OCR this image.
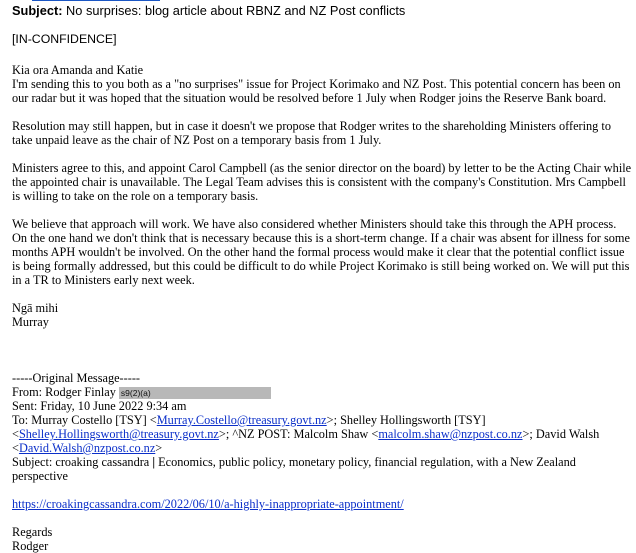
Subject: No surprises: blog article about RBNZ and NZ Post conflicts
[IN-CONFIDENCE]
Kia ora Amanda and Katie

I'm sending this to you both as a "no surprises" issue for Project Korimako and NZ Post. This potential concern has been on our radar but it was hoped that the situation would be resolved before 1 July when Rodger joins the Reserve Bank board.

Resolution may still happen, but in case it doesn't we propose that Rodger writes to the shareholding Ministers offering to take unpaid leave as the chair of NZ Post on a temporary basis from 1 July.

Ministers agree to this, and appoint Carol Campbell (as the senior director on the board) by letter to be the Acting Chair while the appointed chair is unavailable. The Legal Team advises this is consistent with the company's Constitution. Mrs Campbell is willing to take on the role on a temporary basis.

We believe that approach will work. We have also considered whether Ministers should take this through the APH process. On the one hand we don't think that is necessary because this is a short-term change. If a chair was absent for illness for some months APH wouldn't be involved. On the other hand the formal process would make it clear that the potential conflict issue is being formally addressed, but this could be difficult to do while Project Korimako is still being worked on. We will put this in a TR to Ministers early next week.

Ngā mihi
Murray
-----Original Message-----
From: Rodger Finlay s9(2)(a)
Sent: Friday, 10 June 2022 9:34 am
To: Murray Costello [TSY] <Murray.Costello@treasury.govt.nz>; Shelley Hollingsworth [TSY]
<Shelley.Hollingsworth@treasury.govt.nz>; ^NZ POST: Malcolm Shaw <malcolm.shaw@nzpost.co.nz>; David Walsh
<David.Walsh@nzpost.co.nz>
Subject: croaking cassandra | Economics, public policy, monetary policy, financial regulation, with a New Zealand perspective
https://croakingcassandra.com/2022/06/10/a-highly-inappropriate-appointment/
Regards
Rodger
